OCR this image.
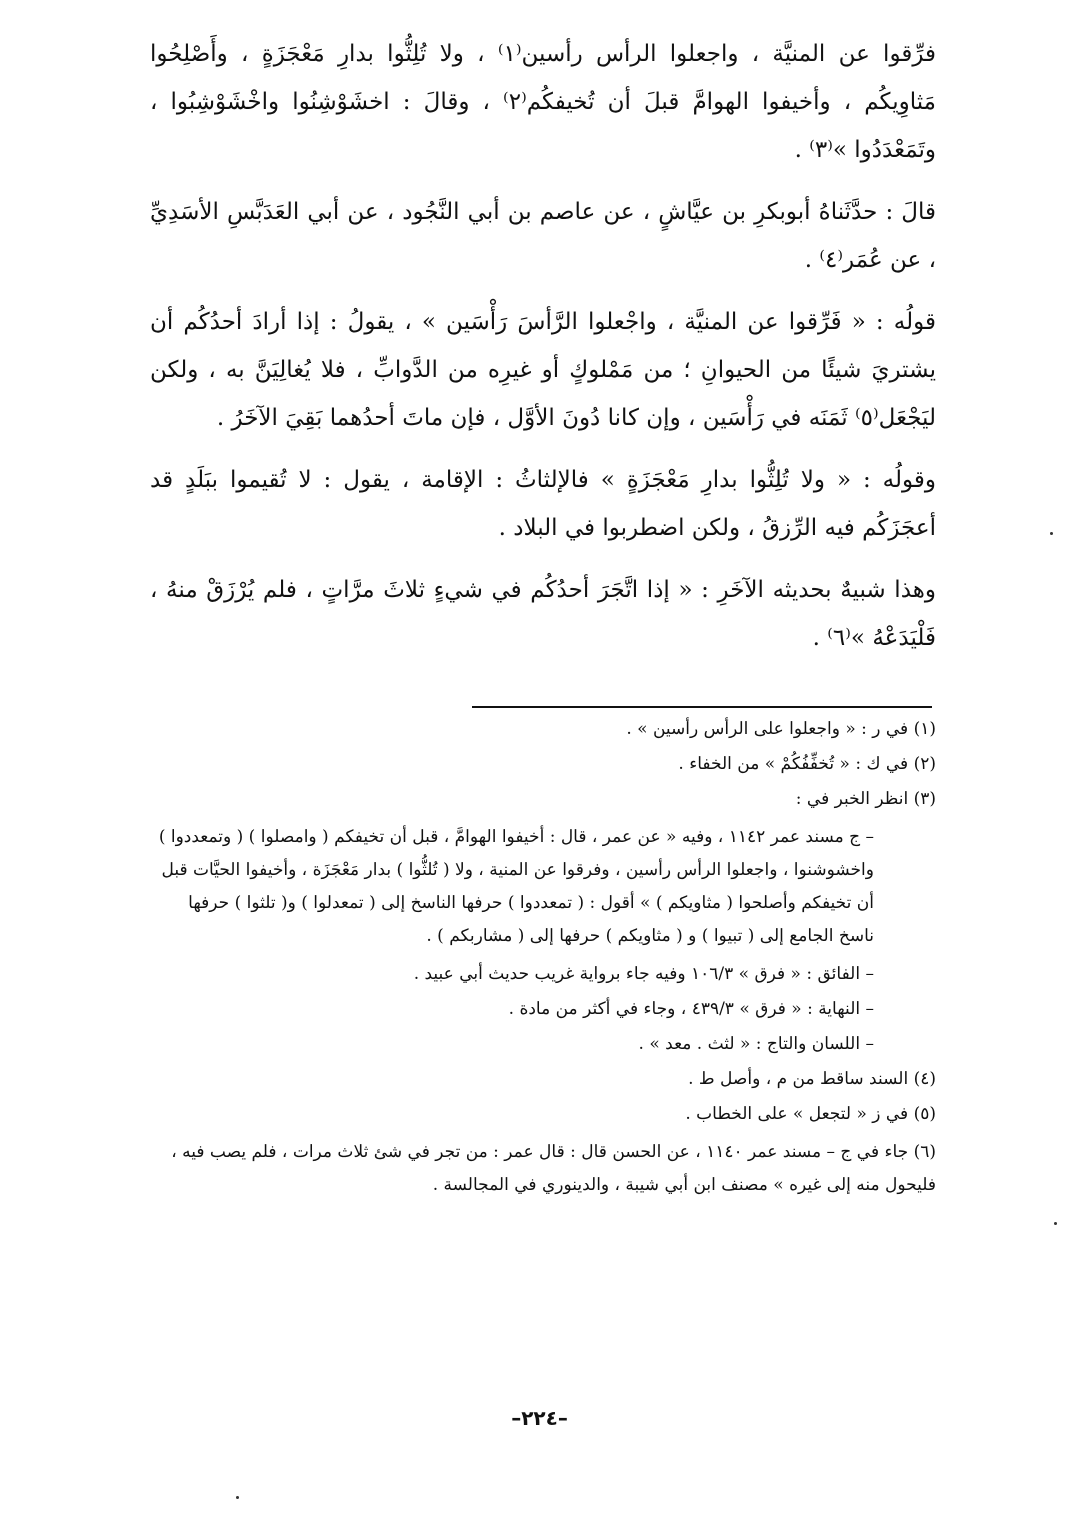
فرِّقوا عن المنيَّة ، واجعلوا الرأس رأسين⁽١⁾ ، ولا تُلِثُّوا بدارِ مَعْجَزَةٍ ، وأَصْلِحُوا مَثاوِيكُم ، وأخيفوا الهوامَّ قبلَ أن تُخيفكُم⁽٢⁾ ، وقالَ : اخشَوْشِنُوا واخْشَوْشِبُوا ، وتَمَعْدَدُوا »⁽٣⁾ .

قالَ : حدَّثَناهُ أبوبكرِ بن عيَّاشٍ ، عن عاصم بن أبي النَّجُود ، عن أبي العَدَبَّسِ الأسَدِيِّ ، عن عُمَر⁽٤⁾ .

قولُه : « فَرِّقوا عن المنيَّة ، واجْعلوا الرَّأسَ رَأْسَين » ، يقولُ : إذا أرادَ أحدُكُم أن يشتريَ شيئًا من الحيوانِ ؛ من مَمْلوكٍ أو غيرِه من الدَّوابِّ ، فلا يُغالِيَنَّ به ، ولكن ليَجْعَل⁽٥⁾ ثَمَنَه في رَأْسَين ، وإن كانا دُونَ الأوَّل ، فإن ماتَ أحدُهما بَقِيَ الآخَرُ .

وقولُه : « ولا تُلِثُّوا بدارِ مَعْجَزَةٍ » فالإلثاثُ : الإقامة ، يقول : لا تُقيموا ببَلَدٍ قد أعجَزَكُم فيه الرِّزقُ ، ولكن اضطربوا في البلاد .

وهذا شبيهٌ بحديثه الآخَرِ : « إذا اتَّجَرَ أحدُكُم في شيءٍ ثلاثَ مرَّاتٍ ، فلم يُرْزَقْ منهُ ، فَلْيَدَعْهُ »⁽٦⁾ .

(١) في ر : « واجعلوا على الرأس رأسين » .
(٢) في ك : « تُخفِّفُكُمْ » من الخفاء .
(٣) انظر الخبر في :
– ج مسند عمر ١١٤٢ ، وفيه « عن عمر ، قال : أخيفوا الهوامَّ ، قبل أن تخيفكم ( وامصلوا ) ( وتمعددوا ) واخشوشنوا ، واجعلوا الرأس رأسين ، وفرقوا عن المنية ، ولا ( تُلثُّوا ) بدار مَعْجَزَة ، وأخيفوا الحيَّات قبل أن تخيفكم وأصلحوا ( مثاويكم ) » أقول : ( تمعددوا ) حرفها الناسخ إلى ( تمعدلوا ) و( تلثوا ) حرفها ناسخ الجامع إلى ( تبيوا ) و ( مثاويكم ) حرفها إلى ( مشاربكم ) .
– الفائق : « فرق » ١٠٦/٣ وفيه جاء برواية غريب حديث أبي عبيد .
– النهاية : « فرق » ٤٣٩/٣ ، وجاء في أكثر من مادة .
– اللسان والتاج : « لثث . معد » .
(٤) السند ساقط من م ، وأصل ط .
(٥) في ز « لتجعل » على الخطاب .
(٦) جاء في ج – مسند عمر ١١٤٠ ، عن الحسن قال : قال عمر : من تجر في شئ ثلاث مرات ، فلم يصب فيه ، فليحول منه إلى غيره » مصنف ابن أبي شيبة ، والدينوري في المجالسة .
–٢٢٤–
